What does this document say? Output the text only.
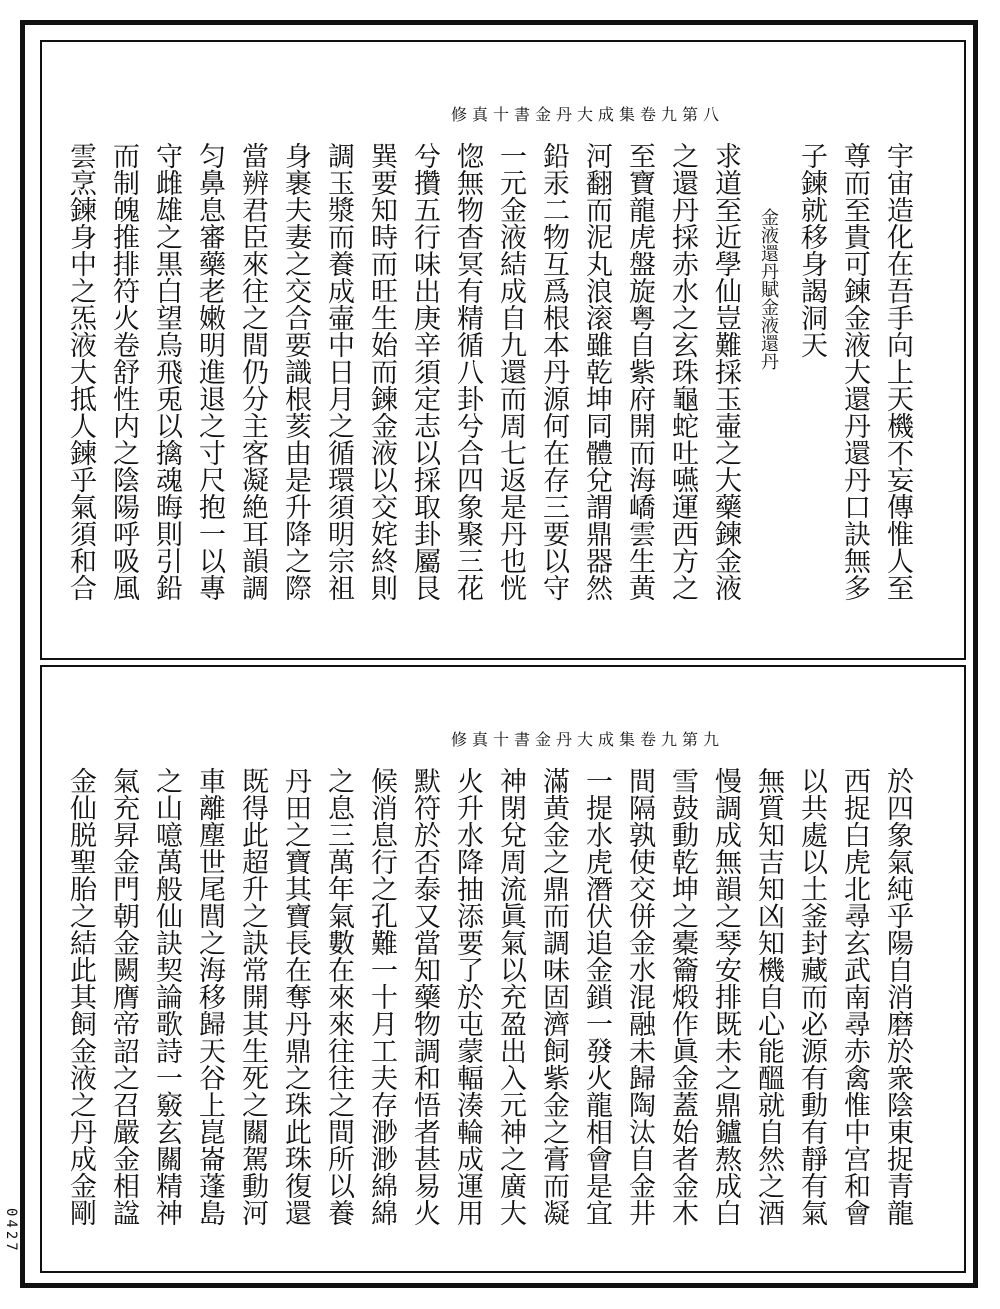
修真十書金丹大成集卷九第八
宇宙造化在吾手向上天機不妄傳惟人至
尊而至貴可鍊金液大還丹還丹口訣無多
子鍊就移身謁洞天
金液還丹賦金液還丹
求道至近學仙豈難採玉壷之大藥鍊金液
之還丹採赤水之玄珠龜蛇吐嚥運西方之
至寶龍虎盤旋粤自紫府開而海嶠雲生黄
河翻而泥丸浪滚雖乾坤同體兌謂鼎器然
鉛汞二物互爲根本丹源何在存三要以守
一元金液結成自九還而周七返是丹也恍
惚無物杳冥有精循八卦兮合四象聚三花
兮攢五行味出庚辛須定志以採取卦屬艮
巽要知時而旺生始而鍊金液以交姹終則
調玉漿而養成壷中日月之循環須明宗祖
身裹夫妻之交合要識根荄由是升降之際
當辨君臣來往之間仍分主客凝絶耳韻調
匀鼻息審藥老嫩明進退之寸尺抱一以專
守雌雄之黒白望烏飛兎以擒魂晦則引鉛
而制魄推排符火卷舒性内之陰陽呼吸風
雲烹鍊身中之炁液大抵人鍊乎氣須和合
修真十書金丹大成集卷九第九
於四象氣純乎陽自消磨於衆陰東捉青龍
西捉白虎北尋玄武南尋赤禽惟中宫和會
以共處以土釜封藏而必源有動有靜有氣
無質知吉知凶知機自心能醞就自然之酒
慢調成無韻之琴安排既未之鼎鑪熬成白
雪鼓動乾坤之橐籥煅作眞金蓋始者金木
間隔孰使交併金水混融未歸陶汰自金井
一提水虎潛伏追金鎖一發火龍相會是宜
滿黄金之鼎而調味固濟飼紫金之膏而凝
神閉兌周流眞氣以充盈出入元神之廣大
火升水降抽添要了於屯蒙輻湊輪成運用
默符於否泰又當知藥物調和悟者甚易火
候消息行之孔難一十月工夫存渺渺綿綿
之息三萬年氣數在來來往往之間所以養
丹田之寶其寶長在奪丹鼎之珠此珠復還
既得此超升之訣常開其生死之關駕動河
車離塵世尾閭之海移歸天谷上崑崙蓬島
之山噫萬般仙訣契論歌詩一竅玄關精神
氣充昇金門朝金闕膺帝詔之召嚴金相諡
金仙脱聖胎之結此其飼金液之丹成金剛
0427
